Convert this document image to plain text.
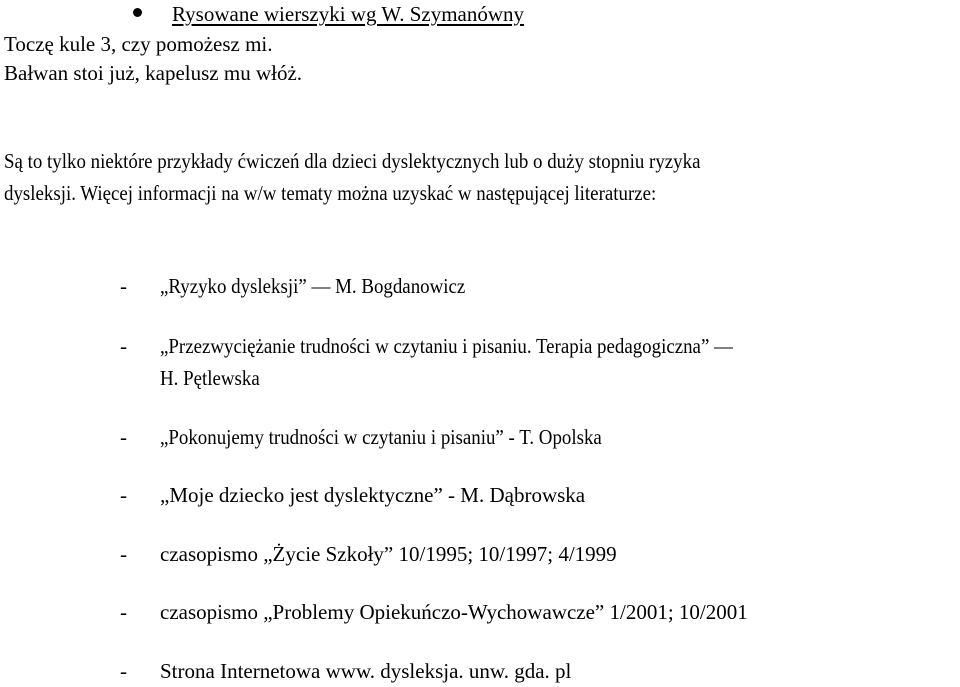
Rysowane wierszyki wg W. Szymanówny
Toczę kule 3, czy pomożesz mi.
Bałwan stoi już, kapelusz mu włóż.
Są to tylko niektóre przykłady ćwiczeń dla dzieci dyslektycznych lub o duży stopniu ryzyka
dysleksji. Więcej informacji na w/w tematy można uzyskać w następującej literaturze:
- „Ryzyko dysleksji” — M. Bogdanowicz
- „Przezwyciężanie trudności w czytaniu i pisaniu. Terapia pedagogiczna” —
H. Pętlewska
- „Pokonujemy trudności w czytaniu i pisaniu” - T. Opolska
- „Moje dziecko jest dyslektyczne” - M. Dąbrowska
- czasopismo „Życie Szkoły” 10/1995; 10/1997; 4/1999
- czasopismo „Problemy Opiekuńczo-Wychowawcze” 1/2001; 10/2001
- Strona Internetowa www. dysleksja. unw. gda. pl
